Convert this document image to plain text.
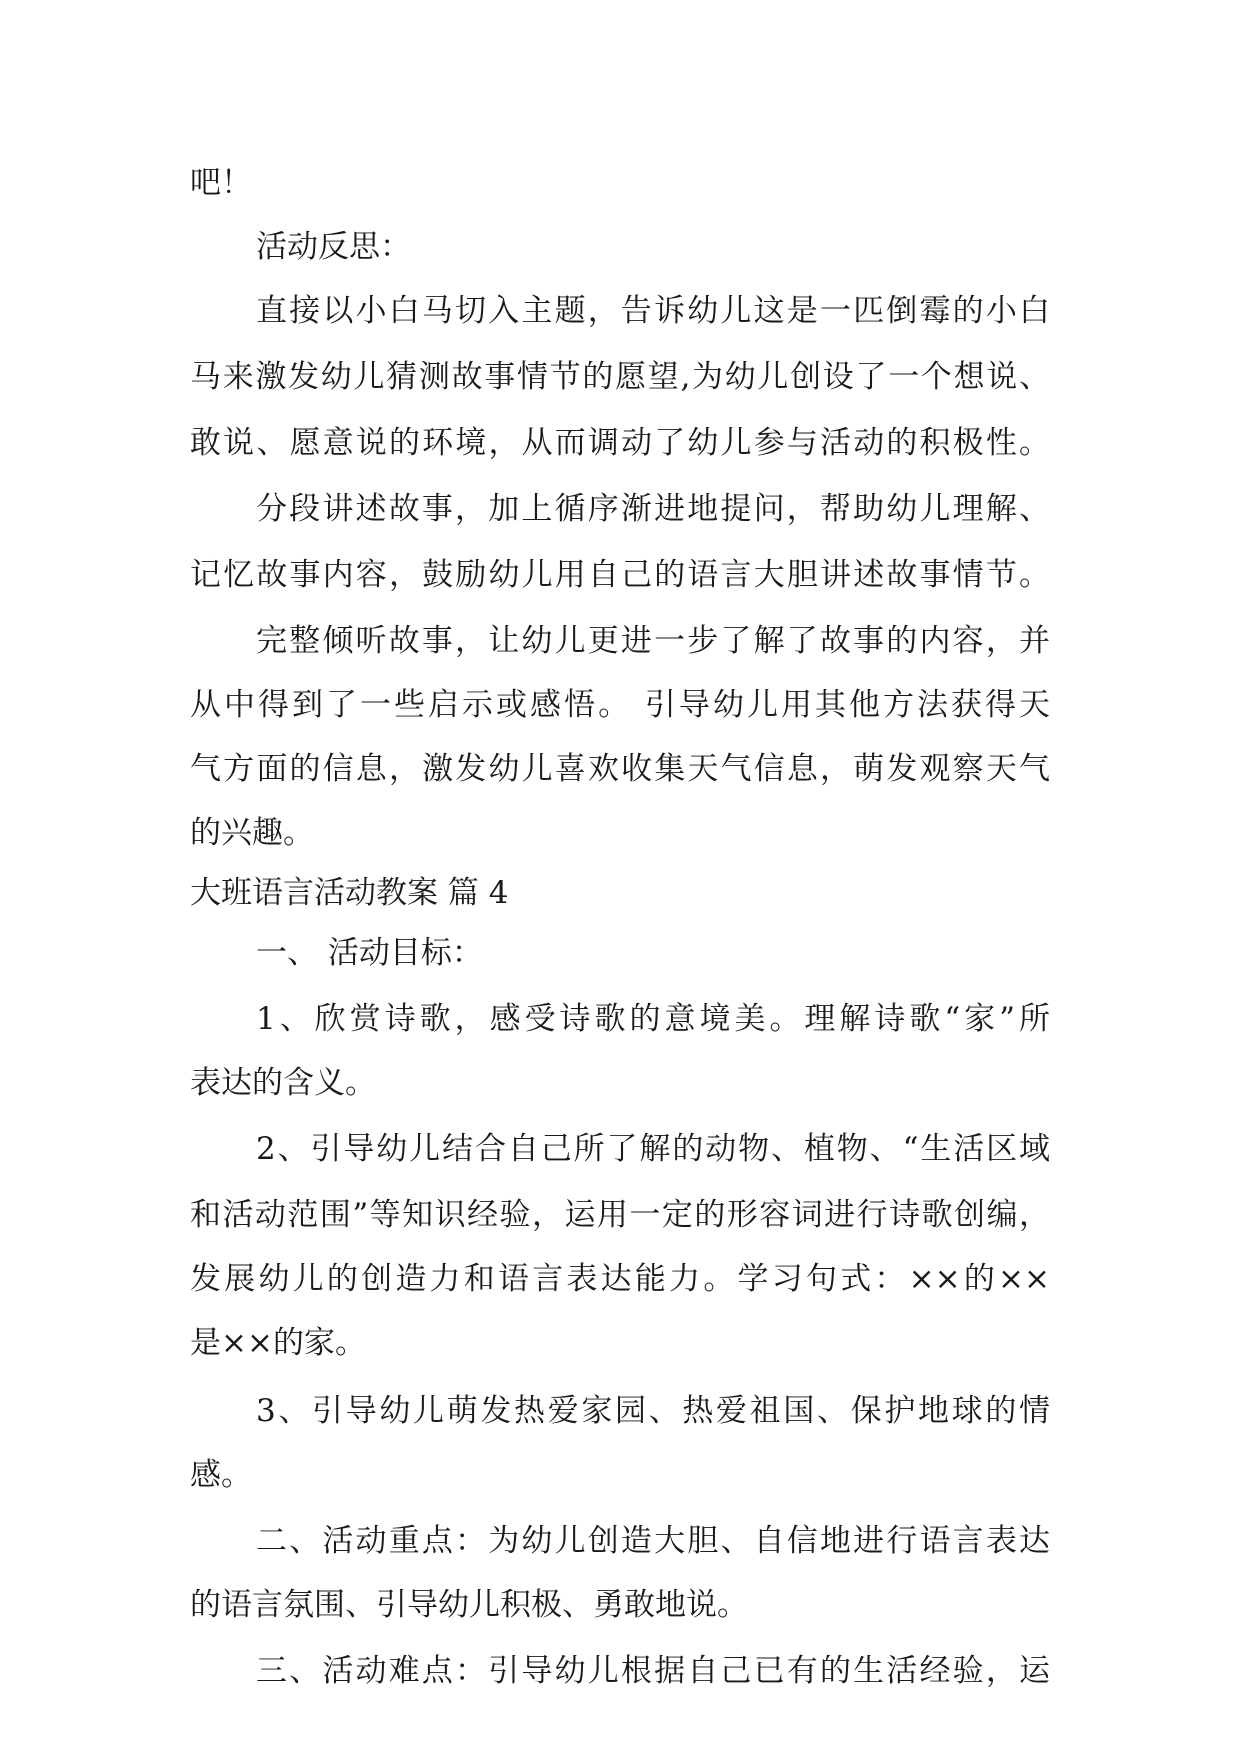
吧！

活动反思：

直接以小白马切入主题，告诉幼儿这是一匹倒霉的小白

马来激发幼儿猜测故事情节的愿望,为幼儿创设了一个想说、

敢说、愿意说的环境，从而调动了幼儿参与活动的积极性。

分段讲述故事，加上循序渐进地提问，帮助幼儿理解、

记忆故事内容，鼓励幼儿用自己的语言大胆讲述故事情节。

完整倾听故事，让幼儿更进一步了解了故事的内容，并

从中得到了一些启示或感悟。 引导幼儿用其他方法获得天

气方面的信息，激发幼儿喜欢收集天气信息，萌发观察天气

的兴趣。

大班语言活动教案 篇 4

一、 活动目标：

1、欣赏诗歌，感受诗歌的意境美。理解诗歌“家”所

表达的含义。

2、引导幼儿结合自己所了解的动物、植物、“生活区域

和活动范围”等知识经验，运用一定的形容词进行诗歌创编，

发展幼儿的创造力和语言表达能力。学习句式：××的××

是××的家。

3、引导幼儿萌发热爱家园、热爱祖国、保护地球的情

感。

二、活动重点：为幼儿创造大胆、自信地进行语言表达

的语言氛围、引导幼儿积极、勇敢地说。

三、活动难点：引导幼儿根据自己已有的生活经验，运
